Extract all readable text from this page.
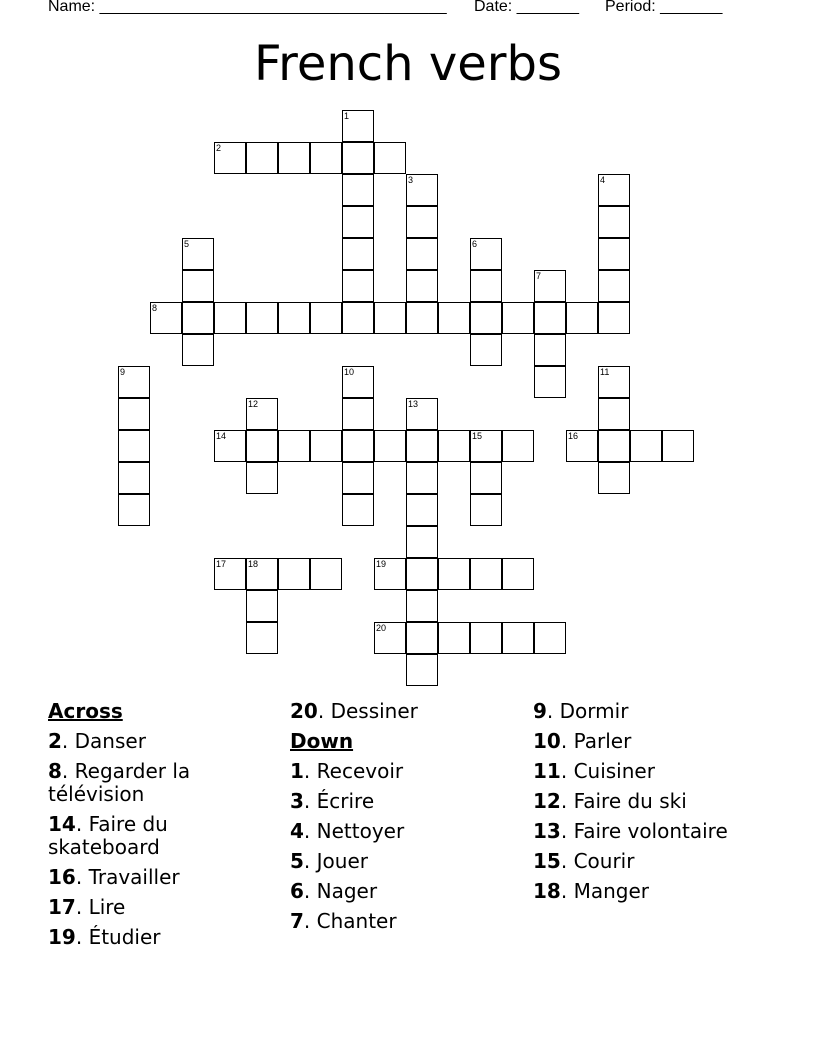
Name: _______________________________________ Date: _______ Period: _______
French verbs
2
8
14	15	16
17 18	19
20
1
3	4
5	6
7
9	10	11
12	13
Across
2. Danser
8. Regarder la télévision
14. Faire du skateboard
16. Travailler
17. Lire
19. Étudier
20. Dessiner
Down
1. Recevoir
3. Écrire
4. Nettoyer
5. Jouer
6. Nager
7. Chanter
9. Dormir
10. Parler
11. Cuisiner
12. Faire du ski
13. Faire volontaire
15. Courir
18. Manger
